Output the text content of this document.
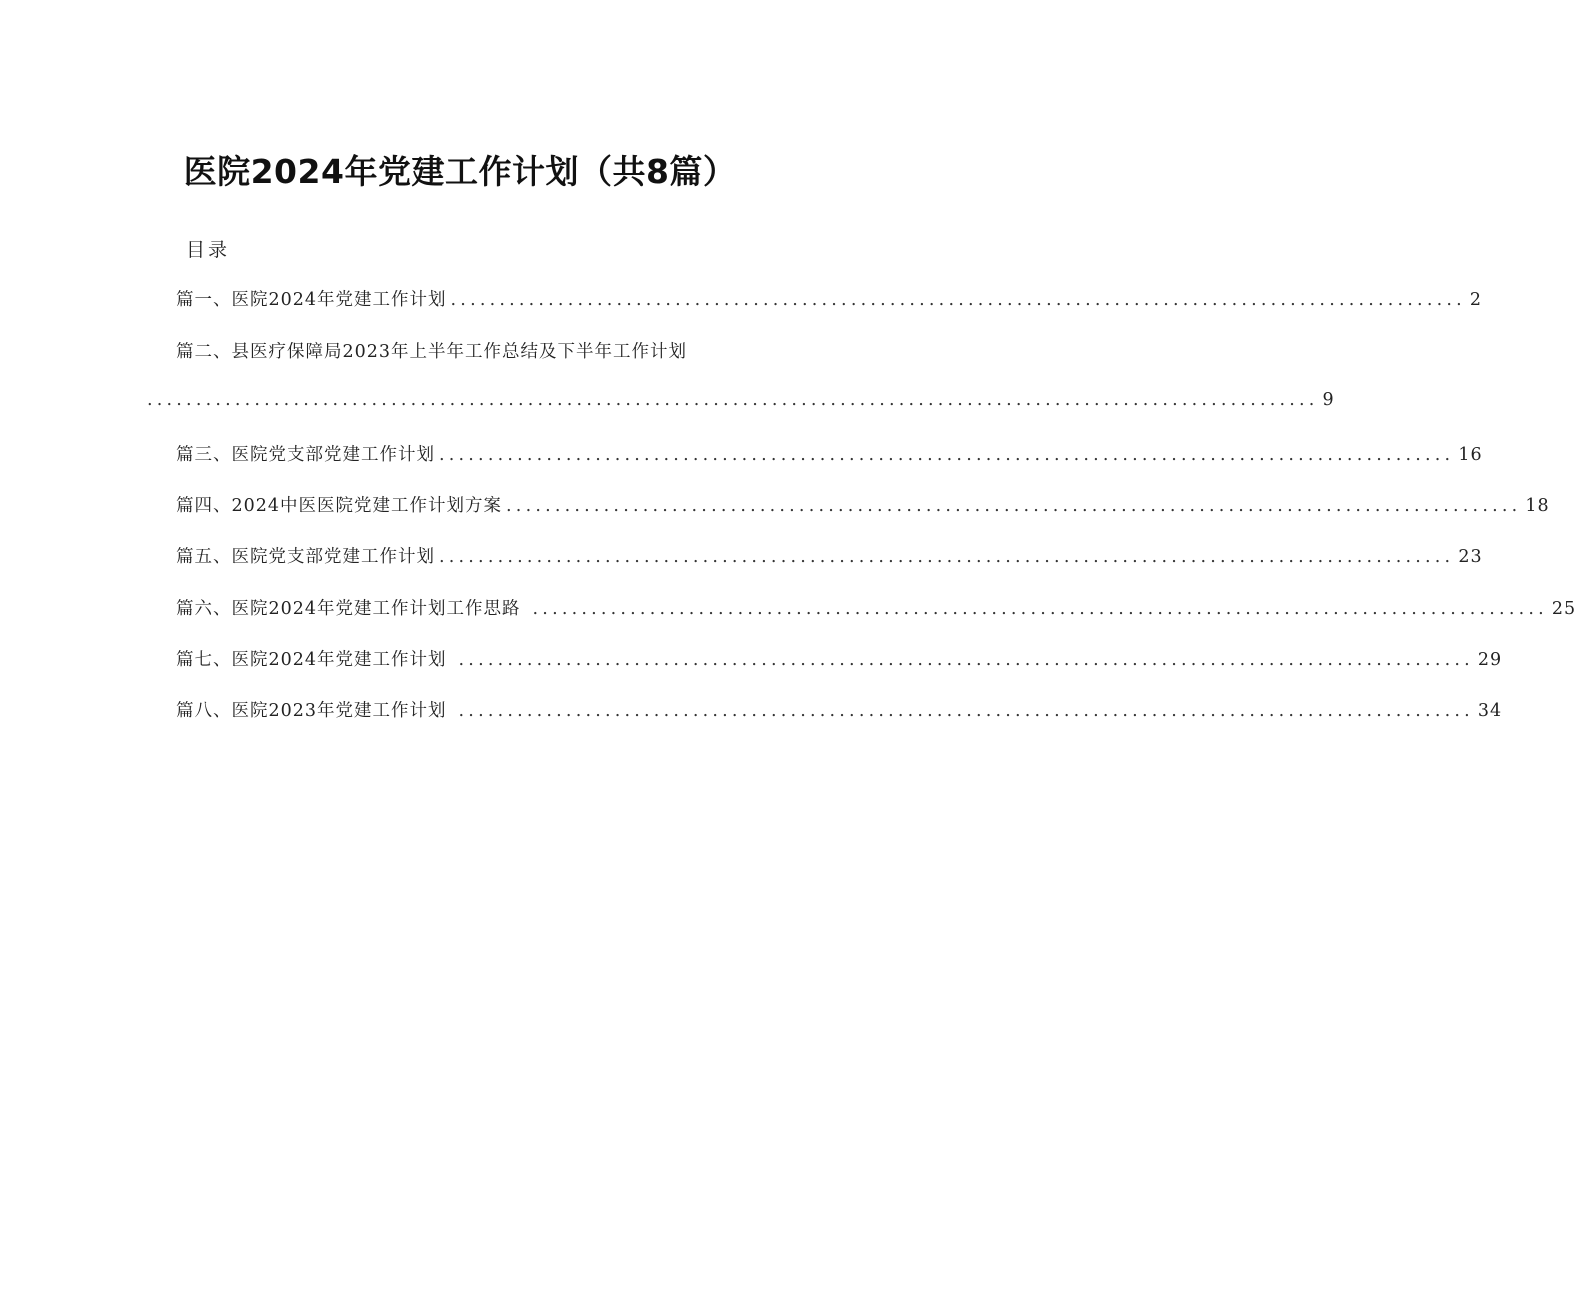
医院2024年党建工作计划（共8篇）
目录
篇一、医院2024年党建工作计划 ........................................................................................................ 2
篇二、县医疗保障局2023年上半年工作总结及下半年工作计划
........................................................................................................................ 9
篇三、医院党支部党建工作计划 ........................................................................................................ 16
篇四、2024中医医院党建工作计划方案 ........................................................................................................ 18
篇五、医院党支部党建工作计划 ........................................................................................................ 23
篇六、医院2024年党建工作计划工作思路 ........................................................................................................ 25
篇七、医院2024年党建工作计划 ........................................................................................................ 29
篇八、医院2023年党建工作计划 ........................................................................................................ 34
